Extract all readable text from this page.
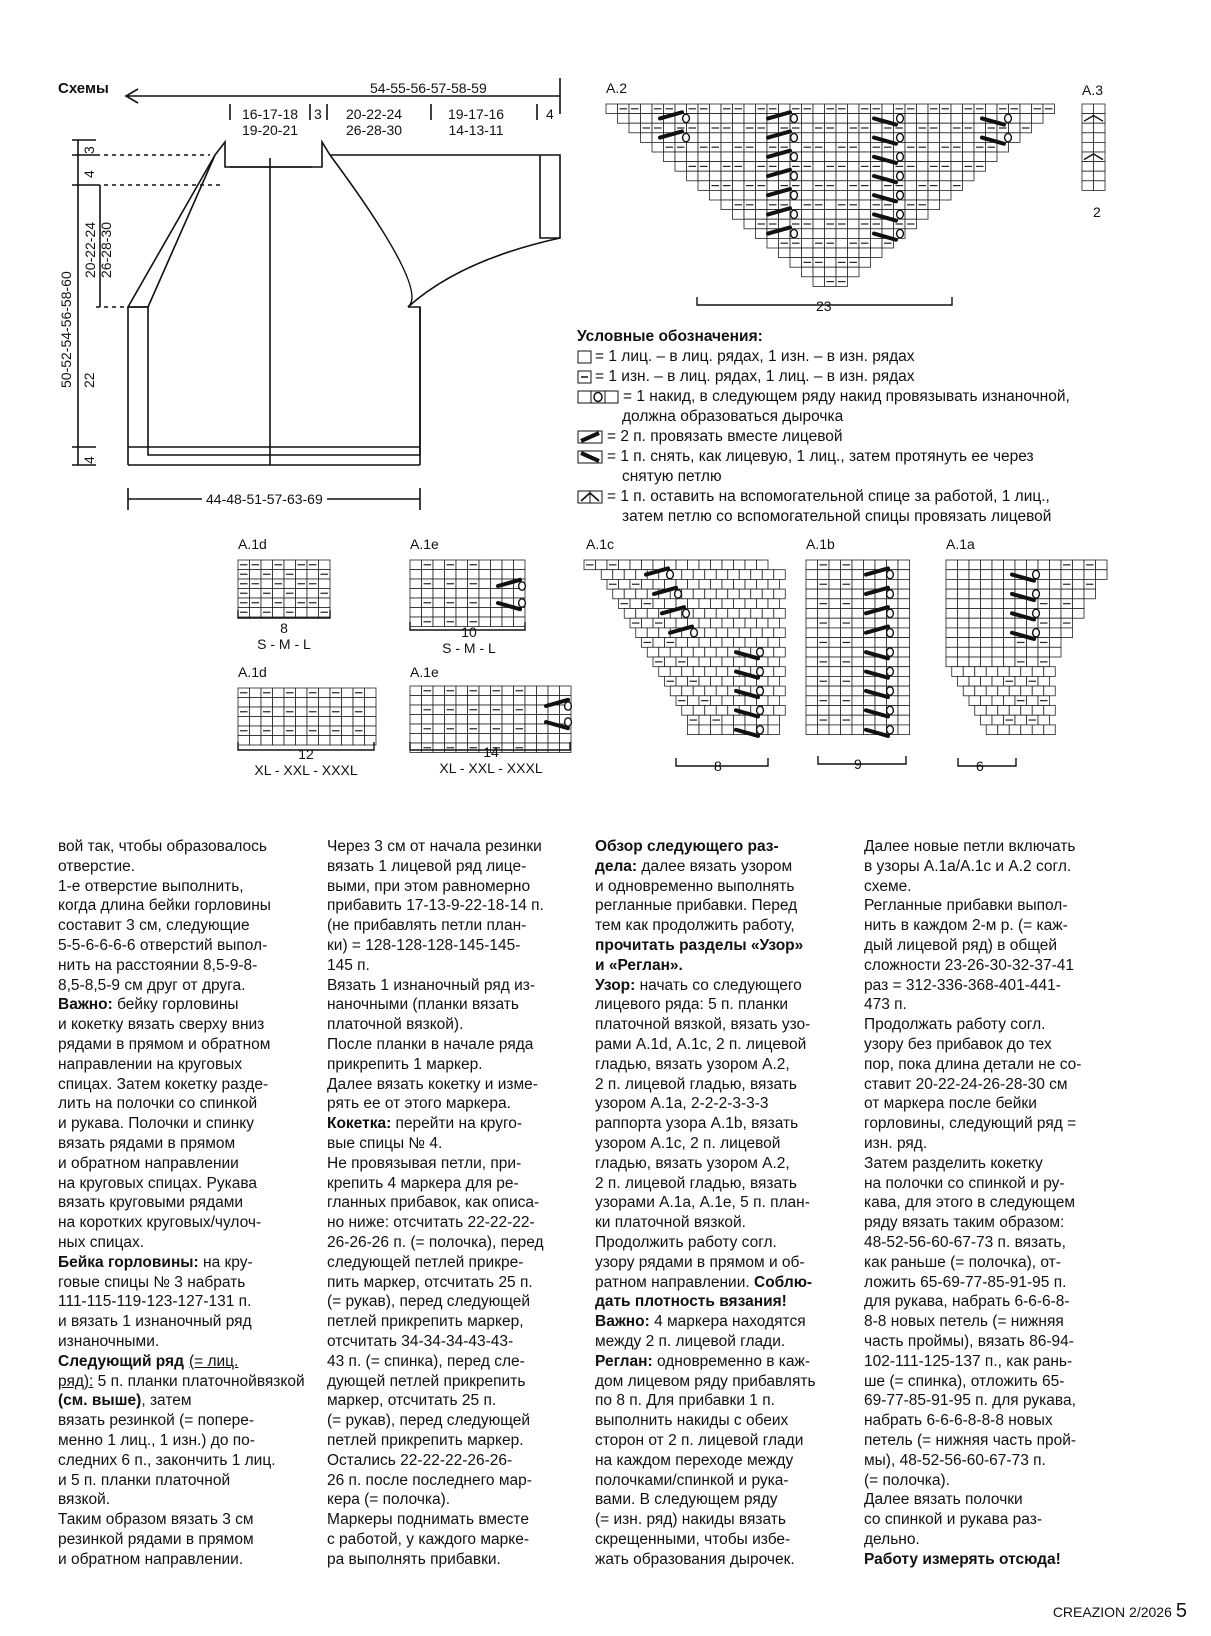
Схемы	54-55-56-57-58-59
16-17-18
19-20-21
3	20-22-24
26-28-30
19-17-16
14-13-11
4
3
4
20-22-24 26-28-30
50-52-54-56-58-60 22
4
44-48-51-57-63-69
A.2
23
A.3
2
A.1d
8
S - M - L
A.1e
10
S - M - L
A.1d
12
XL - XXL - XXXL
A.1e
14
XL - XXL - XXXL
A.1c
8
A.1b
9
A.1a
6
Условные обозначения:
= 1 лиц. – в лиц. рядах, 1 изн. – в изн. рядах
= 1 изн. – в лиц. рядах, 1 лиц. – в изн. рядах
= 1 накид, в следующем ряду накид провязывать изнаночной,
должна образоваться дырочка
= 2 п. провязать вместе лицевой
= 1 п. снять, как лицевую, 1 лиц., затем протянуть ее через
снятую петлю
= 1 п. оставить на вспомогательной спице за работой, 1 лиц.,
затем петлю со вспомогательной спицы провязать лицевой

вой так, чтобы образовалось

отверстие.

1-е отверстие выполнить,

когда длина бейки горловины

составит 3 см, следующие

5-5-6-6-6-6 отверстий выпол-

нить на расстоянии 8,5-9-8-

8,5-8,5-9 см друг от друга.

Важно: бейку горловины

и кокетку вязать сверху вниз

рядами в прямом и обратном

направлении на круговых

спицах. Затем кокетку разде-

лить на полочки со спинкой

и рукава. Полочки и спинку

вязать рядами в прямом

и обратном направлении

на круговых спицах. Рукава

вязать круговыми рядами

на коротких круговых/чулоч-

ных спицах.

Бейка горловины: на кру-

говые спицы № 3 набрать

111-115-119-123-127-131 п.

и вязать 1 изнаночный ряд

изнаночными.

Следующий ряд (= лиц.

ряд): 5 п. планки платочнойвязкой (см. выше), затем

вязать резинкой (= попере-

менно 1 лиц., 1 изн.) до по-

следних 6 п., закончить 1 лиц.

и 5 п. планки платочной

вязкой.

Таким образом вязать 3 см

резинкой рядами в прямом

и обратном направлении.

Через 3 см от начала резинки

вязать 1 лицевой ряд лице-

выми, при этом равномерно

прибавить 17-13-9-22-18-14 п.

(не прибавлять петли план-

ки) = 128-128-128-145-145-

145 п.

Вязать 1 изнаночный ряд из-

наночными (планки вязать

платочной вязкой).

После планки в начале ряда

прикрепить 1 маркер.

Далее вязать кокетку и изме-

рять ее от этого маркера.

Кокетка: перейти на круго-

вые спицы № 4.

Не провязывая петли, при-

крепить 4 маркера для ре-

гланных прибавок, как описа-

но ниже: отсчитать 22-22-22-

26-26-26 п. (= полочка), перед

следующей петлей прикре-

пить маркер, отсчитать 25 п.

(= рукав), перед следующей

петлей прикрепить маркер,

отсчитать 34-34-34-43-43-

43 п. (= спинка), перед сле-

дующей петлей прикрепить

маркер, отсчитать 25 п.

(= рукав), перед следующей

петлей прикрепить маркер.

Остались 22-22-22-26-26-

26 п. после последнего мар-

кера (= полочка).

Маркеры поднимать вместе

с работой, у каждого марке-

ра выполнять прибавки.

Обзор следующего раз-

дела: далее вязать узором

и одновременно выполнять

регланные прибавки. Перед

тем как продолжить работу,

прочитать разделы «Узор»

и «Реглан».

Узор: начать со следующего

лицевого ряда: 5 п. планки

платочной вязкой, вязать узо-

рами А.1d, А.1c, 2 п. лицевой

гладью, вязать узором А.2,

2 п. лицевой гладью, вязать

узором А.1a, 2-2-2-3-3-3

раппорта узора А.1b, вязать

узором А.1c, 2 п. лицевой

гладью, вязать узором А.2,

2 п. лицевой гладью, вязать

узорами А.1a, А.1e, 5 п. план-

ки платочной вязкой.

Продолжить работу согл.

узору рядами в прямом и об-

ратном направлении. Соблю-

дать плотность вязания!

Важно: 4 маркера находятся

между 2 п. лицевой глади.

Реглан: одновременно в каж-

дом лицевом ряду прибавлять

по 8 п. Для прибавки 1 п.

выполнить накиды с обеих

сторон от 2 п. лицевой глади

на каждом переходе между

полочками/спинкой и рука-

вами. В следующем ряду

(= изн. ряд) накиды вязать

скрещенными, чтобы избе-

жать образования дырочек.

Далее новые петли включать

в узоры А.1a/А.1c и А.2 согл.

схеме.

Регланные прибавки выпол-

нить в каждом 2-м р. (= каж-

дый лицевой ряд) в общей

сложности 23-26-30-32-37-41

раз = 312-336-368-401-441-

473 п.

Продолжать работу согл.

узору без прибавок до тех

пор, пока длина детали не со-

ставит 20-22-24-26-28-30 см

от маркера после бейки

горловины, следующий ряд =

изн. ряд.

Затем разделить кокетку

на полочки со спинкой и ру-

кава, для этого в следующем

ряду вязать таким образом:

48-52-56-60-67-73 п. вязать,

как раньше (= полочка), от-

ложить 65-69-77-85-91-95 п.

для рукава, набрать 6-6-6-8-

8-8 новых петель (= нижняя

часть проймы), вязать 86-94-

102-111-125-137 п., как рань-

ше (= спинка), отложить 65-

69-77-85-91-95 п. для рукава,

набрать 6-6-6-8-8-8 новых

петель (= нижняя часть прой-

мы), 48-52-56-60-67-73 п.

(= полочка).

Далее вязать полочки

со спинкой и рукава раз-

дельно.

Работу измерять отсюда!

CREAZION 2/2026 5
